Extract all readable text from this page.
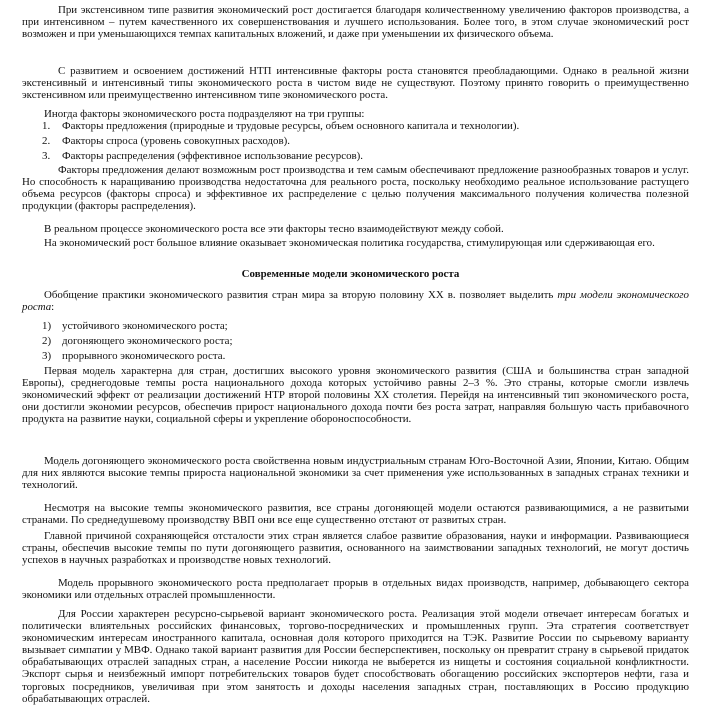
При экстенсивном типе развития экономический рост достигается благодаря количественному увеличению факторов производства, а при интенсивном – путем качественного их совершенствования и лучшего использования. Более того, в этом случае экономический рост возможен и при уменьшающихся темпах капитальных вложений, и даже при уменьшении их физического объема.

С развитием и освоением достижений НТП интенсивные факторы роста становятся преобладающими. Однако в реальной жизни экстенсивный и интенсивный типы экономического роста в чистом виде не существуют. Поэтому принято говорить о преимущественно экстенсивном или преимущественно интенсивном типе экономического роста.

Иногда факторы экономического роста подразделяют на три группы:

1. Факторы предложения (природные и трудовые ресурсы, объем основного капитала и технологии).

2. Факторы спроса (уровень совокупных расходов).

3. Факторы распределения (эффективное использование ресурсов).

Факторы предложения делают возможным рост производства и тем самым обеспечивают предложение разнообразных товаров и услуг. Но способность к наращиванию производства недостаточна для реального роста, поскольку необходимо реальное использование растущего объема ресурсов (факторы спроса) и эффективное их распределение с целью получения максимального получения количества полезной продукции (факторы распределения).

В реальном процессе экономического роста все эти факторы тесно взаимодействуют между собой.

На экономический рост большое влияние оказывает экономическая политика государства, стимулирующая или сдерживающая его.

Современные модели экономического роста

Обобщение практики экономического развития стран мира за вторую половину XX в. позволяет выделить три модели экономического роста:

1) устойчивого экономического роста;

2) догоняющего экономического роста;

3) прорывного экономического роста.

Первая модель характерна для стран, достигших высокого уровня экономического развития (США и большинства стран западной Европы), среднегодовые темпы роста национального дохода которых устойчиво равны 2–3 %. Это страны, которые смогли извлечь экономический эффект от реализации достижений НТР второй половины XX столетия. Перейдя на интенсивный тип экономического роста, они достигли экономии ресурсов, обеспечив прирост национального дохода почти без роста затрат, направляя большую часть прибавочного продукта на развитие науки, социальной сферы и укрепление обороноспособности.

Модель догоняющего экономического роста свойственна новым индустриальным странам Юго-Восточной Азии, Японии, Китаю. Общим для них являются высокие темпы прироста национальной экономики за счет применения уже использованных в западных странах техники и технологий.

Несмотря на высокие темпы экономического развития, все страны догоняющей модели остаются развивающимися, а не развитыми странами. По среднедушевому производству ВВП они все еще существенно отстают от развитых стран.

Главной причиной сохраняющейся отсталости этих стран является слабое развитие образования, науки и информации. Развивающиеся страны, обеспечив высокие темпы по пути догоняющего развития, основанного на заимствовании западных технологий, не могут достичь успехов в научных разработках и производстве новых технологий.

Модель прорывного экономического роста предполагает прорыв в отдельных видах производств, например, добывающего сектора экономики или отдельных отраслей промышленности.

Для России характерен ресурсно-сырьевой вариант экономического роста. Реализация этой модели отвечает интересам богатых и политически влиятельных российских финансовых, торгово-посреднических и промышленных групп. Эта стратегия соответствует экономическим интересам иностранного капитала, основная доля которого приходится на ТЭК. Развитие России по сырьевому варианту вызывает симпатии у МВФ. Однако такой вариант развития для России бесперспективен, поскольку он превратит страну в сырьевой придаток обрабатывающих отраслей западных стран, а население России никогда не выберется из нищеты и состояния социальной конфликтности. Экспорт сырья и неизбежный импорт потребительских товаров будет способствовать обогащению российских экспортеров нефти, газа и торговых посредников, увеличивая при этом занятость и доходы населения западных стран, поставляющих в Россию продукцию обрабатывающих отраслей.
